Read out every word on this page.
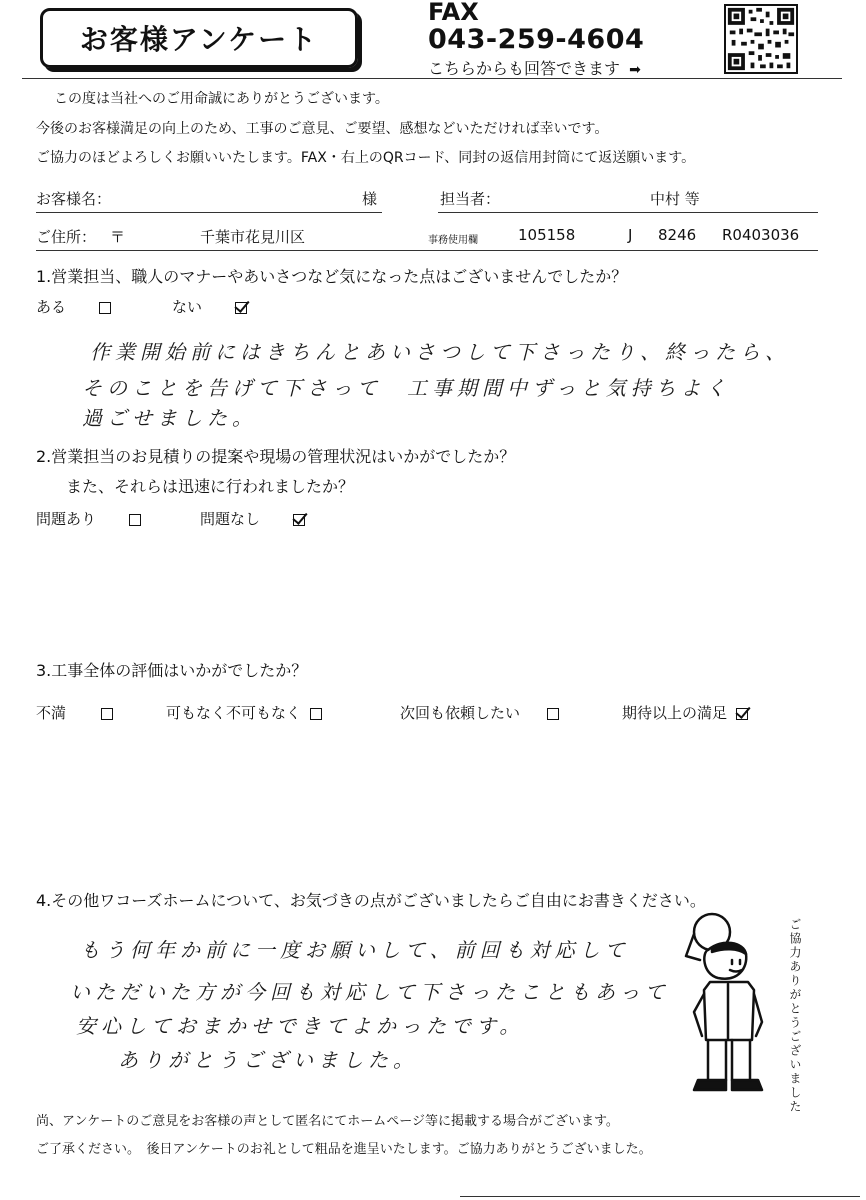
お客様アンケート
FAX
043-259-4604
こちらからも回答できます ➡
この度は当社へのご用命誠にありがとうございます。
今後のお客様満足の向上のため、工事のご意見、ご要望、感想などいただければ幸いです。
ご協力のほどよろしくお願いいたします。FAX・右上のQRコード、同封の返信用封筒にて返送願います。
お客様名：	様	担当者：	中村 等
ご住所： 〒	千葉市花見川区	事務使用欄	105158	J 8246 R0403036
1.営業担当、職人のマナーやあいさつなど気になった点はございませんでしたか？
ある	ない
作業開始前にはきちんとあいさつして下さったり、終ったら、
そのことを告げて下さって　工事期間中ずっと気持ちよく
過ごせました。
2.営業担当のお見積りの提案や現場の管理状況はいかがでしたか？
また、それらは迅速に行われましたか？
問題あり	問題なし
3.工事全体の評価はいかがでしたか？
不満	可もなく不可もなく	次回も依頼したい	期待以上の満足
4.その他ワコーズホームについて、お気づきの点がございましたらご自由にお書きください。
もう何年か前に一度お願いして、前回も対応して
いただいた方が今回も対応して下さったこともあって
安心しておまかせできてよかったです。
ありがとうございました。	ご協力ありがとうございました
尚、アンケートのご意見をお客様の声として匿名にてホームページ等に掲載する場合がございます。
ご了承ください。　後日アンケートのお礼として粗品を進呈いたします。ご協力ありがとうございました。
